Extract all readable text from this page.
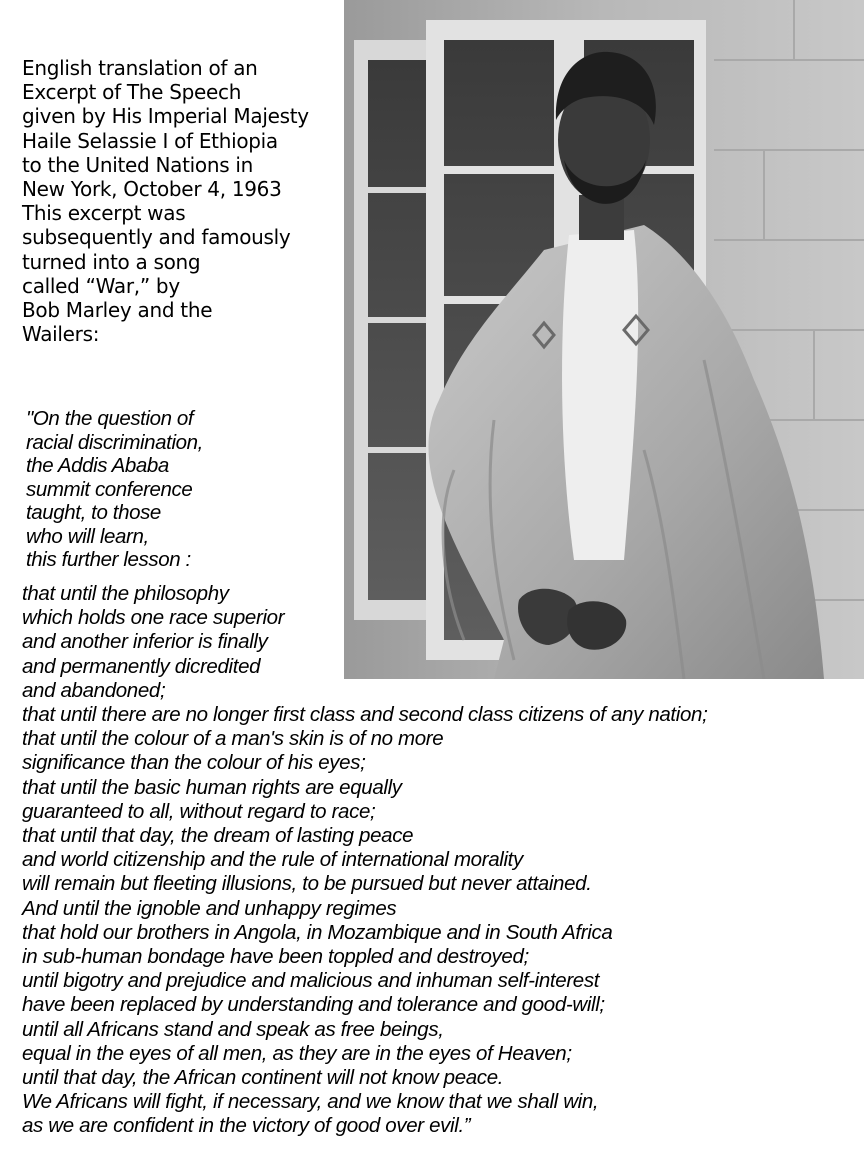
English translation of an
Excerpt of The Speech
given by His Imperial Majesty
Haile Selassie I of Ethiopia
to the United Nations in
New York, October 4, 1963
This excerpt was
subsequently and famously
turned into a song
called “War,” by
Bob Marley and the
Wailers:
"On the question of
racial discrimination,
the Addis Ababa
summit conference
taught, to those
who will learn,
this further lesson :
that until the philosophy
which holds one race superior
and another inferior is finally
and permanently dicredited
and abandoned;
that until there are no longer first class and second class citizens of any nation;
that until the colour of a man's skin is of no more
significance than the colour of his eyes;
that until the basic human rights are equally
guaranteed to all, without regard to race;
that until that day, the dream of lasting peace
and world citizenship and the rule of international morality
will remain but fleeting illusions, to be pursued but never attained.
And until the ignoble and unhappy regimes
that hold our brothers in Angola, in Mozambique and in South Africa
in sub-human bondage have been toppled and destroyed;
until bigotry and prejudice and malicious and inhuman self-interest
have been replaced by understanding and tolerance and good-will;
until all Africans stand and speak as free beings,
equal in the eyes of all men, as they are in the eyes of Heaven;
until that day, the African continent will not know peace.
We Africans will fight, if necessary, and we know that we shall win,
as we are confident in the victory of good over evil.”
